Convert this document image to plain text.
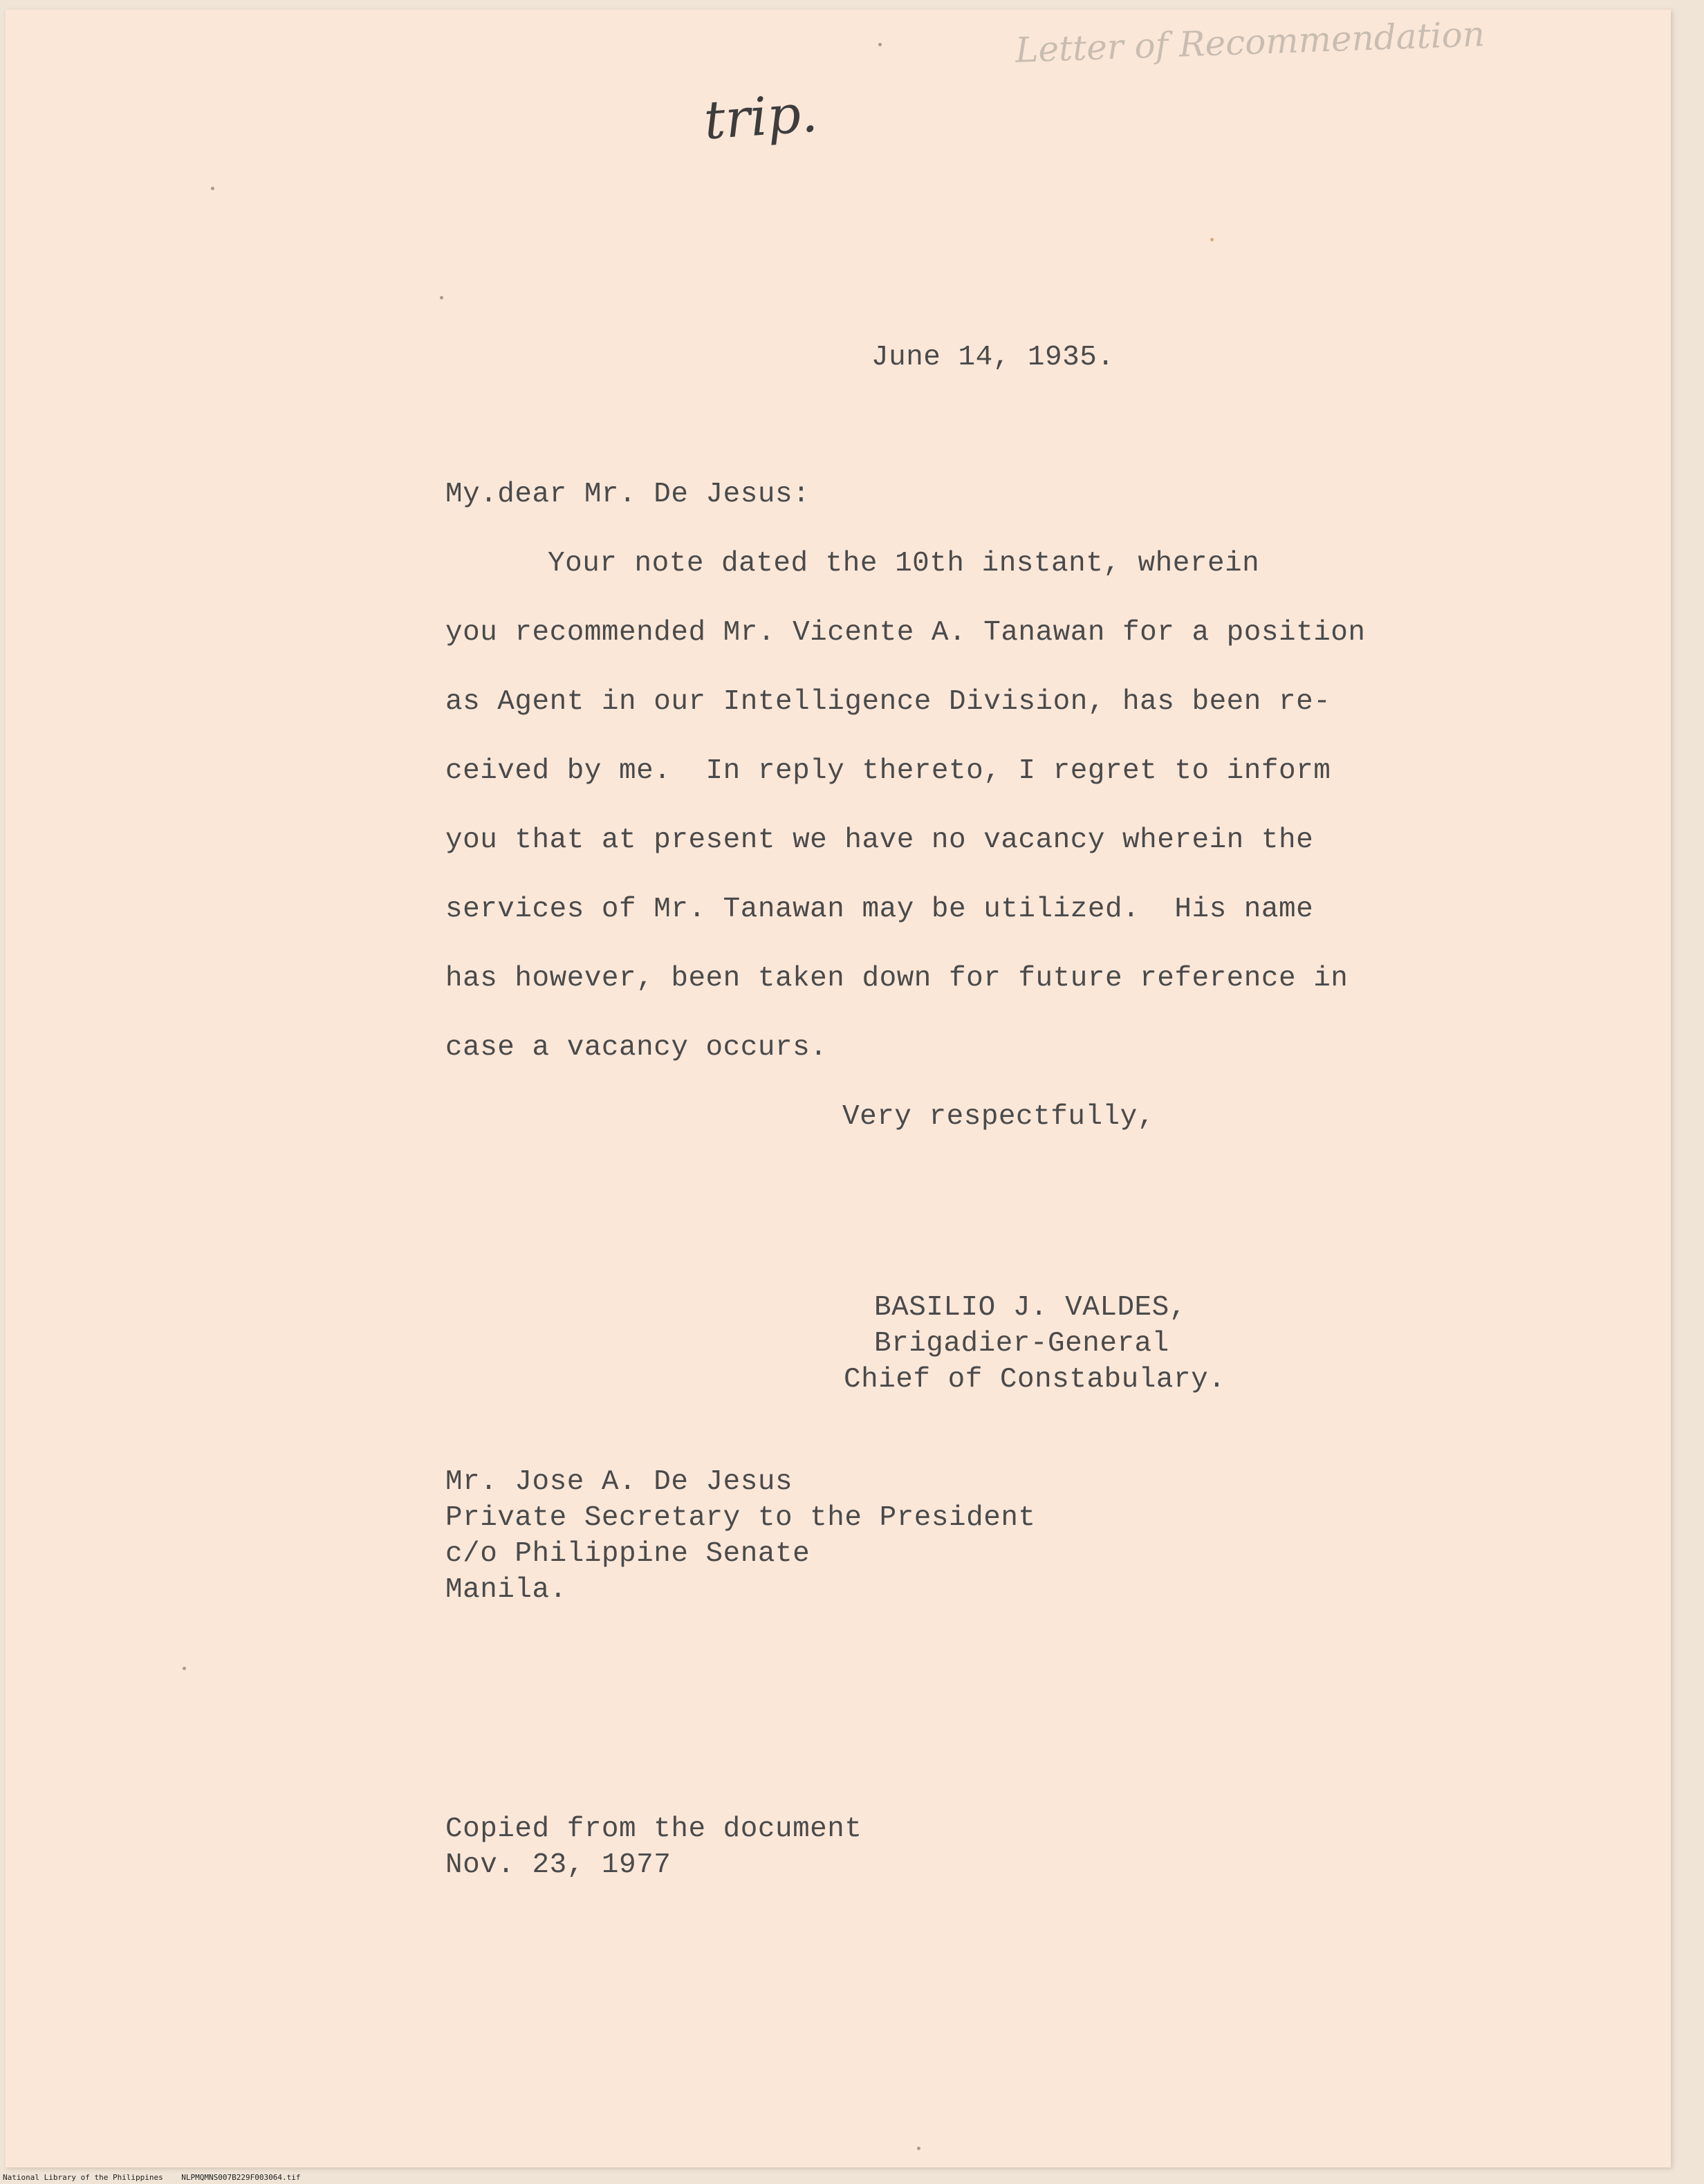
trip.
Letter of Recommendation
June 14, 1935.
My.dear Mr. De Jesus:
Your note dated the 10th instant, wherein
you recommended Mr. Vicente A. Tanawan for a position
as Agent in our Intelligence Division, has been re-
ceived by me.  In reply thereto, I regret to inform
you that at present we have no vacancy wherein the
services of Mr. Tanawan may be utilized.  His name
has however, been taken down for future reference in
case a vacancy occurs.
Very respectfully,
BASILIO J. VALDES,
Brigadier-General
Chief of Constabulary.
Mr. Jose A. De Jesus
Private Secretary to the President
c/o Philippine Senate
Manila.
Copied from the document
Nov. 23, 1977
National Library of the Philippines    NLPMQMNS007B229F003064.tif
